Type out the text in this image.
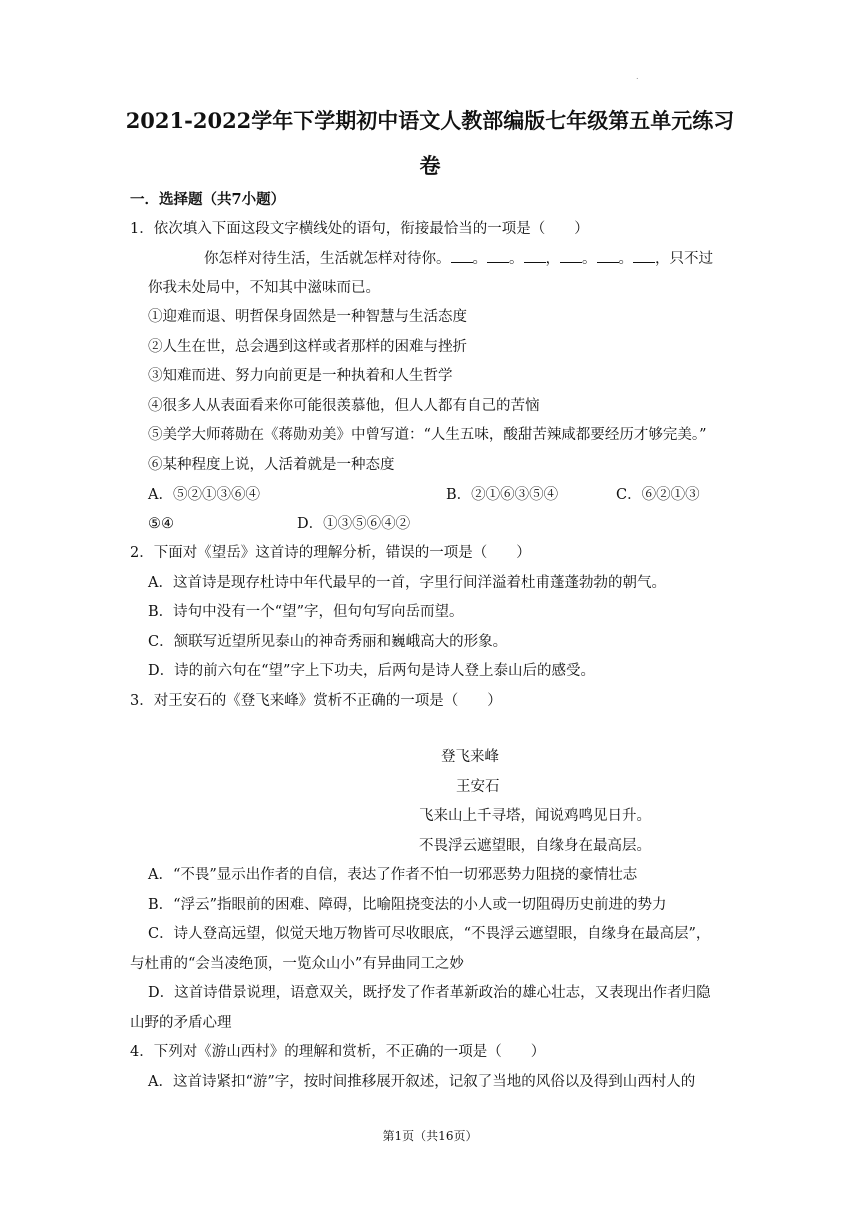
.
2021-2022学年下学期初中语文人教部编版七年级第五单元练习
卷
一．选择题（共7小题）
1．依次填入下面这段文字横线处的语句，衔接最恰当的一项是（　　）
你怎样对待生活，生活就怎样对待你。 。 。 ， 。 。 ，只不过
你我未处局中，不知其中滋味而已。
①迎难而退、明哲保身固然是一种智慧与生活态度
②人生在世，总会遇到这样或者那样的困难与挫折
③知难而进、努力向前更是一种执着和人生哲学
④很多人从表面看来你可能很羡慕他，但人人都有自己的苦恼
⑤美学大师蒋勋在《蒋勋劝美》中曾写道：“人生五味，酸甜苦辣咸都要经历才够完美。”
⑥某种程度上说，人活着就是一种态度
A．⑤②①③⑥④	B．②①⑥③⑤④	C．⑥②①③
⑤④	D．①③⑤⑥④②
2．下面对《望岳》这首诗的理解分析，错误的一项是（　　）
A．这首诗是现存杜诗中年代最早的一首，字里行间洋溢着杜甫蓬蓬勃勃的朝气。
B．诗句中没有一个“望”字，但句句写向岳而望。
C．颔联写近望所见泰山的神奇秀丽和巍峨高大的形象。
D．诗的前六句在“望”字上下功夫，后两句是诗人登上泰山后的感受。
3．对王安石的《登飞来峰》赏析不正确的一项是（　　）
登飞来峰
王安石
飞来山上千寻塔，闻说鸡鸣见日升。
不畏浮云遮望眼，自缘身在最高层。
A．“不畏”显示出作者的自信，表达了作者不怕一切邪恶势力阻挠的豪情壮志
B．“浮云”指眼前的困难、障碍，比喻阻挠变法的小人或一切阻碍历史前进的势力
C．诗人登高远望，似觉天地万物皆可尽收眼底，“不畏浮云遮望眼，自缘身在最高层”，
与杜甫的“会当凌绝顶，一览众山小”有异曲同工之妙
D．这首诗借景说理，语意双关，既抒发了作者革新政治的雄心壮志，又表现出作者归隐
山野的矛盾心理
4．下列对《游山西村》的理解和赏析，不正确的一项是（　　）
A．这首诗紧扣“游”字，按时间推移展开叙述，记叙了当地的风俗以及得到山西村人的
第1页（共16页）
